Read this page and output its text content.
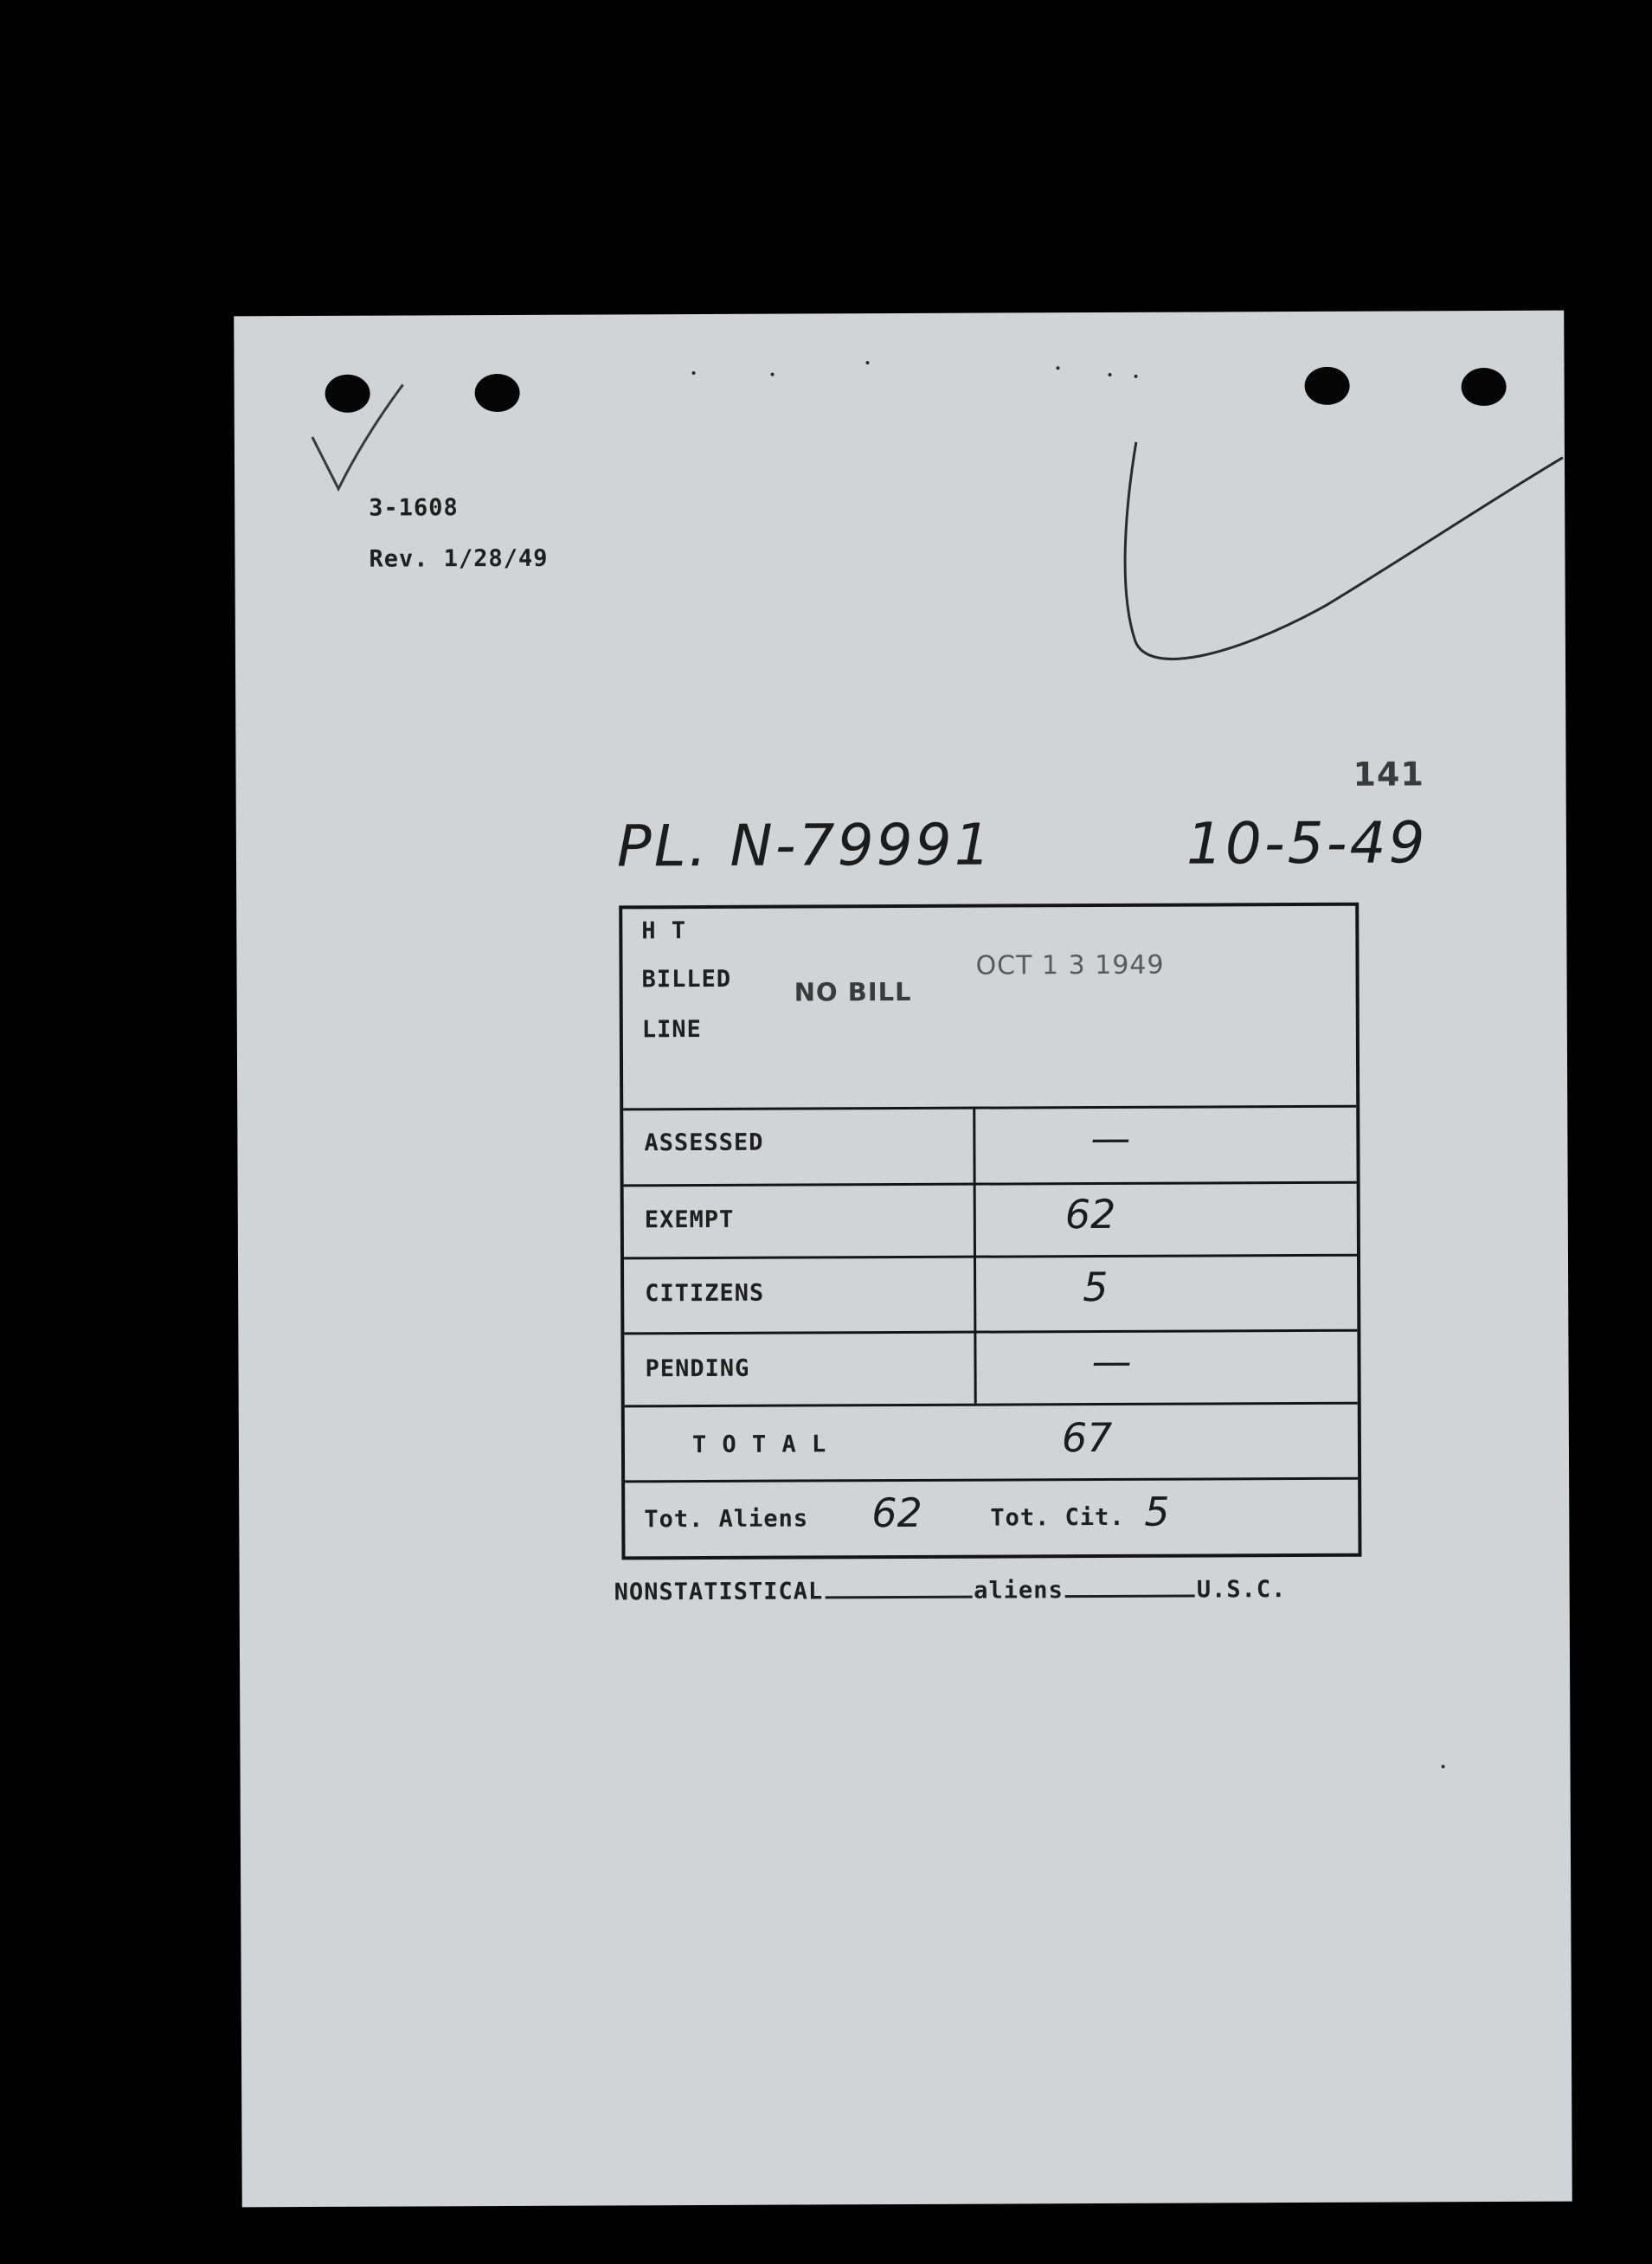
3-1608
Rev. 1/28/49
141
PL. N-79991	10-5-49
H T
BILLED
LINE
NO BILL
OCT 1 3 1949
ASSESSED	—
EXEMPT	62
CITIZENS	5
PENDING	—
T O T A L	67
Tot. Aliens 62	Tot. Cit. 5
NONSTATISTICAL	aliens	U.S.C.
